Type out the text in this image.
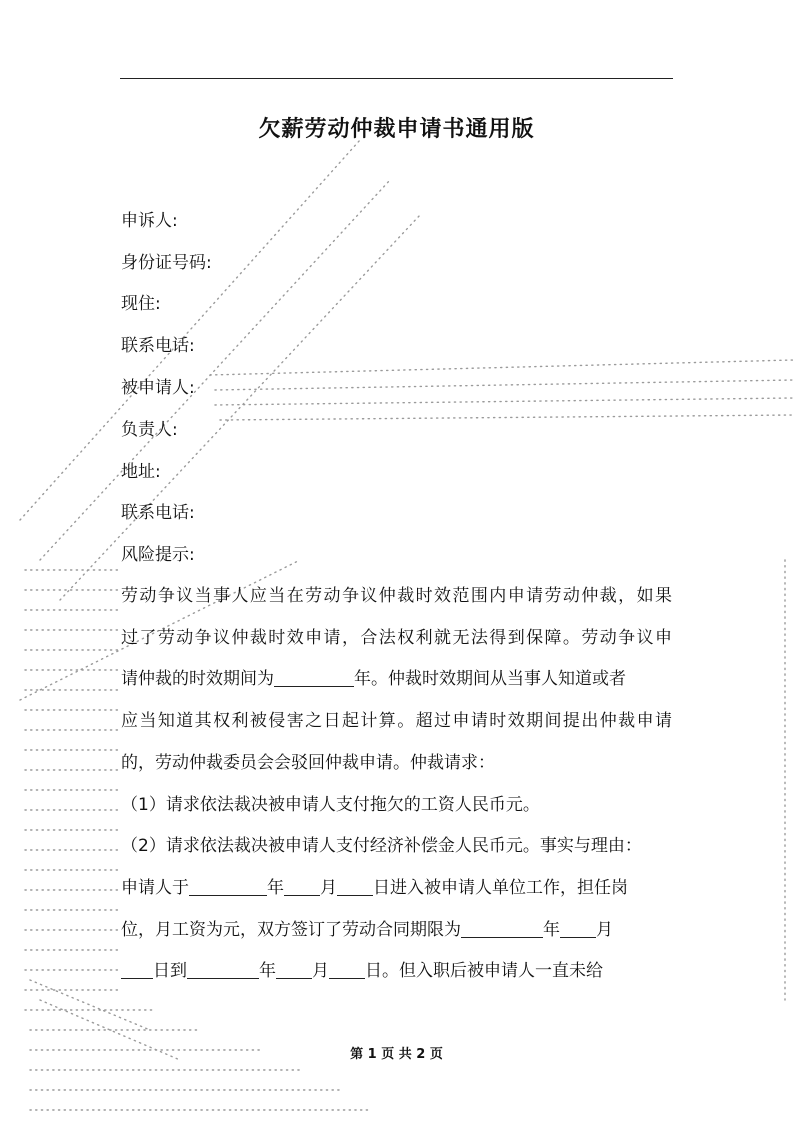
欠薪劳动仲裁申请书通用版
申诉人:
身份证号码:
现住:
联系电话:
被申请人:
负责人:
地址:
联系电话:
风险提示:
劳动争议当事人应当在劳动争议仲裁时效范围内申请劳动仲裁，如果
过了劳动争议仲裁时效申请，合法权利就无法得到保障。劳动争议申
请仲裁的时效期间为	年。仲裁时效期间从当事人知道或者
应当知道其权利被侵害之日起计算。超过申请时效期间提出仲裁申请
的，劳动仲裁委员会会驳回仲裁申请。仲裁请求：
（1）请求依法裁决被申请人支付拖欠的工资人民币元。
（2）请求依法裁决被申请人支付经济补偿金人民币元。事实与理由：
申请人于	年 月 日进入被申请人单位工作，担任岗
位，月工资为元，双方签订了劳动合同期限为	年 月
日到	年 月 日。但入职后被申请人一直未给
第 1 页 共 2 页
